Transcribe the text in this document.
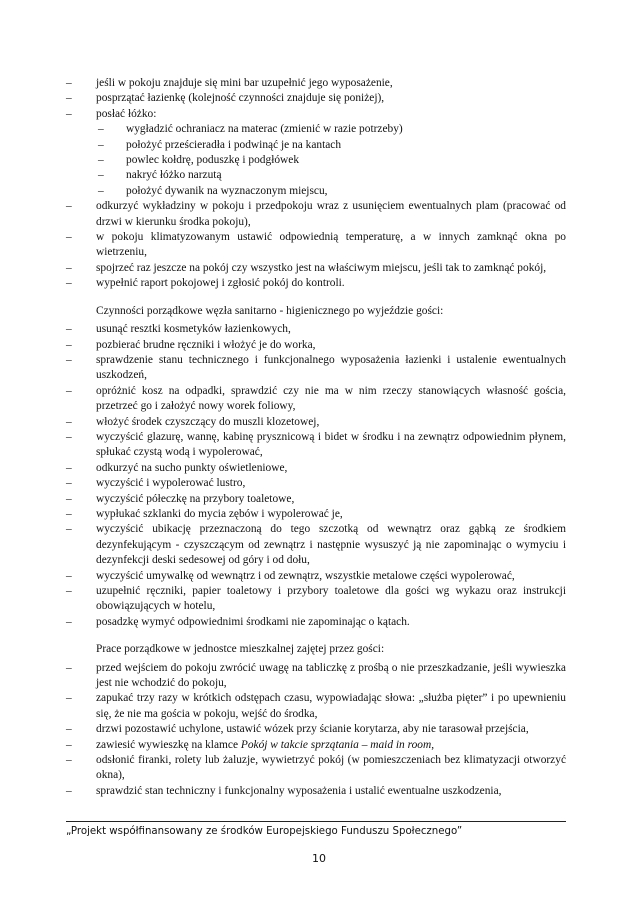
– jeśli w pokoju znajduje się mini bar uzupełnić jego wyposażenie,
– posprzątać łazienkę (kolejność czynności znajduje się poniżej),
– posłać łóżko:
– wygładzić ochraniacz na materac (zmienić w razie potrzeby)
– położyć prześcieradła i podwinąć je na kantach
– powlec kołdrę, poduszkę i podgłówek
– nakryć łóżko narzutą
– położyć dywanik na wyznaczonym miejscu,
– odkurzyć wykładziny w pokoju i przedpokoju wraz z usunięciem ewentualnych plam (pracować od drzwi w kierunku środka pokoju),
– w pokoju klimatyzowanym ustawić odpowiednią temperaturę, a w innych zamknąć okna po wietrzeniu,
– spojrzeć raz jeszcze na pokój czy wszystko jest na właściwym miejscu, jeśli tak to zamknąć pokój,
– wypełnić raport pokojowej i zgłosić pokój do kontroli.
Czynności porządkowe węzła sanitarno - higienicznego po wyjeździe gości:
– usunąć resztki kosmetyków łazienkowych,
– pozbierać brudne ręczniki i włożyć je do worka,
– sprawdzenie stanu technicznego i funkcjonalnego wyposażenia łazienki i ustalenie ewentualnych uszkodzeń,
– opróżnić kosz na odpadki, sprawdzić czy nie ma w nim rzeczy stanowiących własność gościa, przetrzeć go i założyć nowy worek foliowy,
– włożyć środek czyszczący do muszli klozetowej,
– wyczyścić glazurę, wannę, kabinę prysznicową i bidet w środku i na zewnątrz odpowiednim płynem, spłukać czystą wodą i wypolerować,
– odkurzyć na sucho punkty oświetleniowe,
– wyczyścić i wypolerować lustro,
– wyczyścić półeczkę na przybory toaletowe,
– wypłukać szklanki do mycia zębów i wypolerować je,
– wyczyścić ubikację przeznaczoną do tego szczotką od wewnątrz oraz gąbką ze środkiem dezynfekującym - czyszczącym od zewnątrz i następnie wysuszyć ją nie zapominając o wymyciu i dezynfekcji deski sedesowej od góry i od dołu,
– wyczyścić umywalkę od wewnątrz i od zewnątrz, wszystkie metalowe części wypolerować,
– uzupełnić ręczniki, papier toaletowy i przybory toaletowe dla gości wg wykazu oraz instrukcji obowiązujących w hotelu,
– posadzkę wymyć odpowiednimi środkami nie zapominając o kątach.
Prace porządkowe w jednostce mieszkalnej zajętej przez gości:
– przed wejściem do pokoju zwrócić uwagę na tabliczkę z prośbą o nie przeszkadzanie, jeśli wywieszka jest nie wchodzić do pokoju,
– zapukać trzy razy w krótkich odstępach czasu, wypowiadając słowa: „służba pięter” i po upewnieniu się, że nie ma gościa w pokoju, wejść do środka,
– drzwi pozostawić uchylone, ustawić wózek przy ścianie korytarza, aby nie tarasował przejścia,
– zawiesić wywieszkę na klamce Pokój w takcie sprzątania – maid in room,
– odsłonić firanki, rolety lub żaluzje, wywietrzyć pokój (w pomieszczeniach bez klimatyzacji otworzyć okna),
– sprawdzić stan techniczny i funkcjonalny wyposażenia i ustalić ewentualne uszkodzenia,
„Projekt współfinansowany ze środków Europejskiego Funduszu Społecznego”
10
